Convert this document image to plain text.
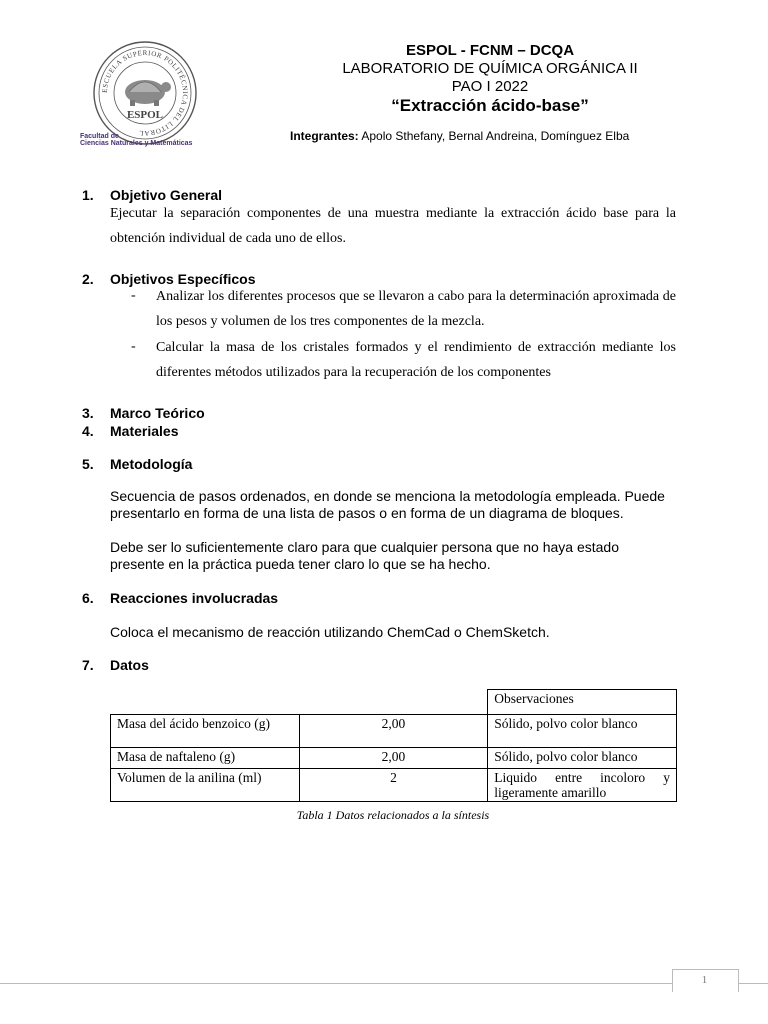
ESCUELA SUPERIOR POLITÉCNICA DEL LITORAL
ESPOL
Facultad de
Ciencias Naturales y Matemáticas
ESPOL - FCNM – DCQA
LABORATORIO DE QUÍMICA ORGÁNICA II
PAO I 2022
“Extracción ácido-base”
Integrantes: Apolo Sthefany, Bernal Andreina, Domínguez Elba
1. Objetivo General
Ejecutar la separación componentes de una muestra mediante la extracción ácido base para la obtención individual de cada uno de ellos.
2. Objetivos Específicos
- Analizar los diferentes procesos que se llevaron a cabo para la determinación aproximada de los pesos y volumen de los tres componentes de la mezcla.
- Calcular la masa de los cristales formados y el rendimiento de extracción mediante los diferentes métodos utilizados para la recuperación de los componentes
3. Marco Teórico
4. Materiales
5. Metodología
Secuencia de pasos ordenados, en donde se menciona la metodología empleada. Puede presentarlo en forma de una lista de pasos o en forma de un diagrama de bloques.
Debe ser lo suficientemente claro para que cualquier persona que no haya estado presente en la práctica pueda tener claro lo que se ha hecho.
6. Reacciones involucradas
Coloca el mecanismo de reacción utilizando ChemCad o ChemSketch.
7. Datos
		Observaciones
Masa del ácido benzoico (g)	2,00	Sólido, polvo color blanco
Masa de naftaleno (g)	2,00	Sólido, polvo color blanco
Volumen de la anilina (ml)	2	Liquido entre incoloro y ligeramente amarillo
Tabla 1 Datos relacionados a la síntesis
1
